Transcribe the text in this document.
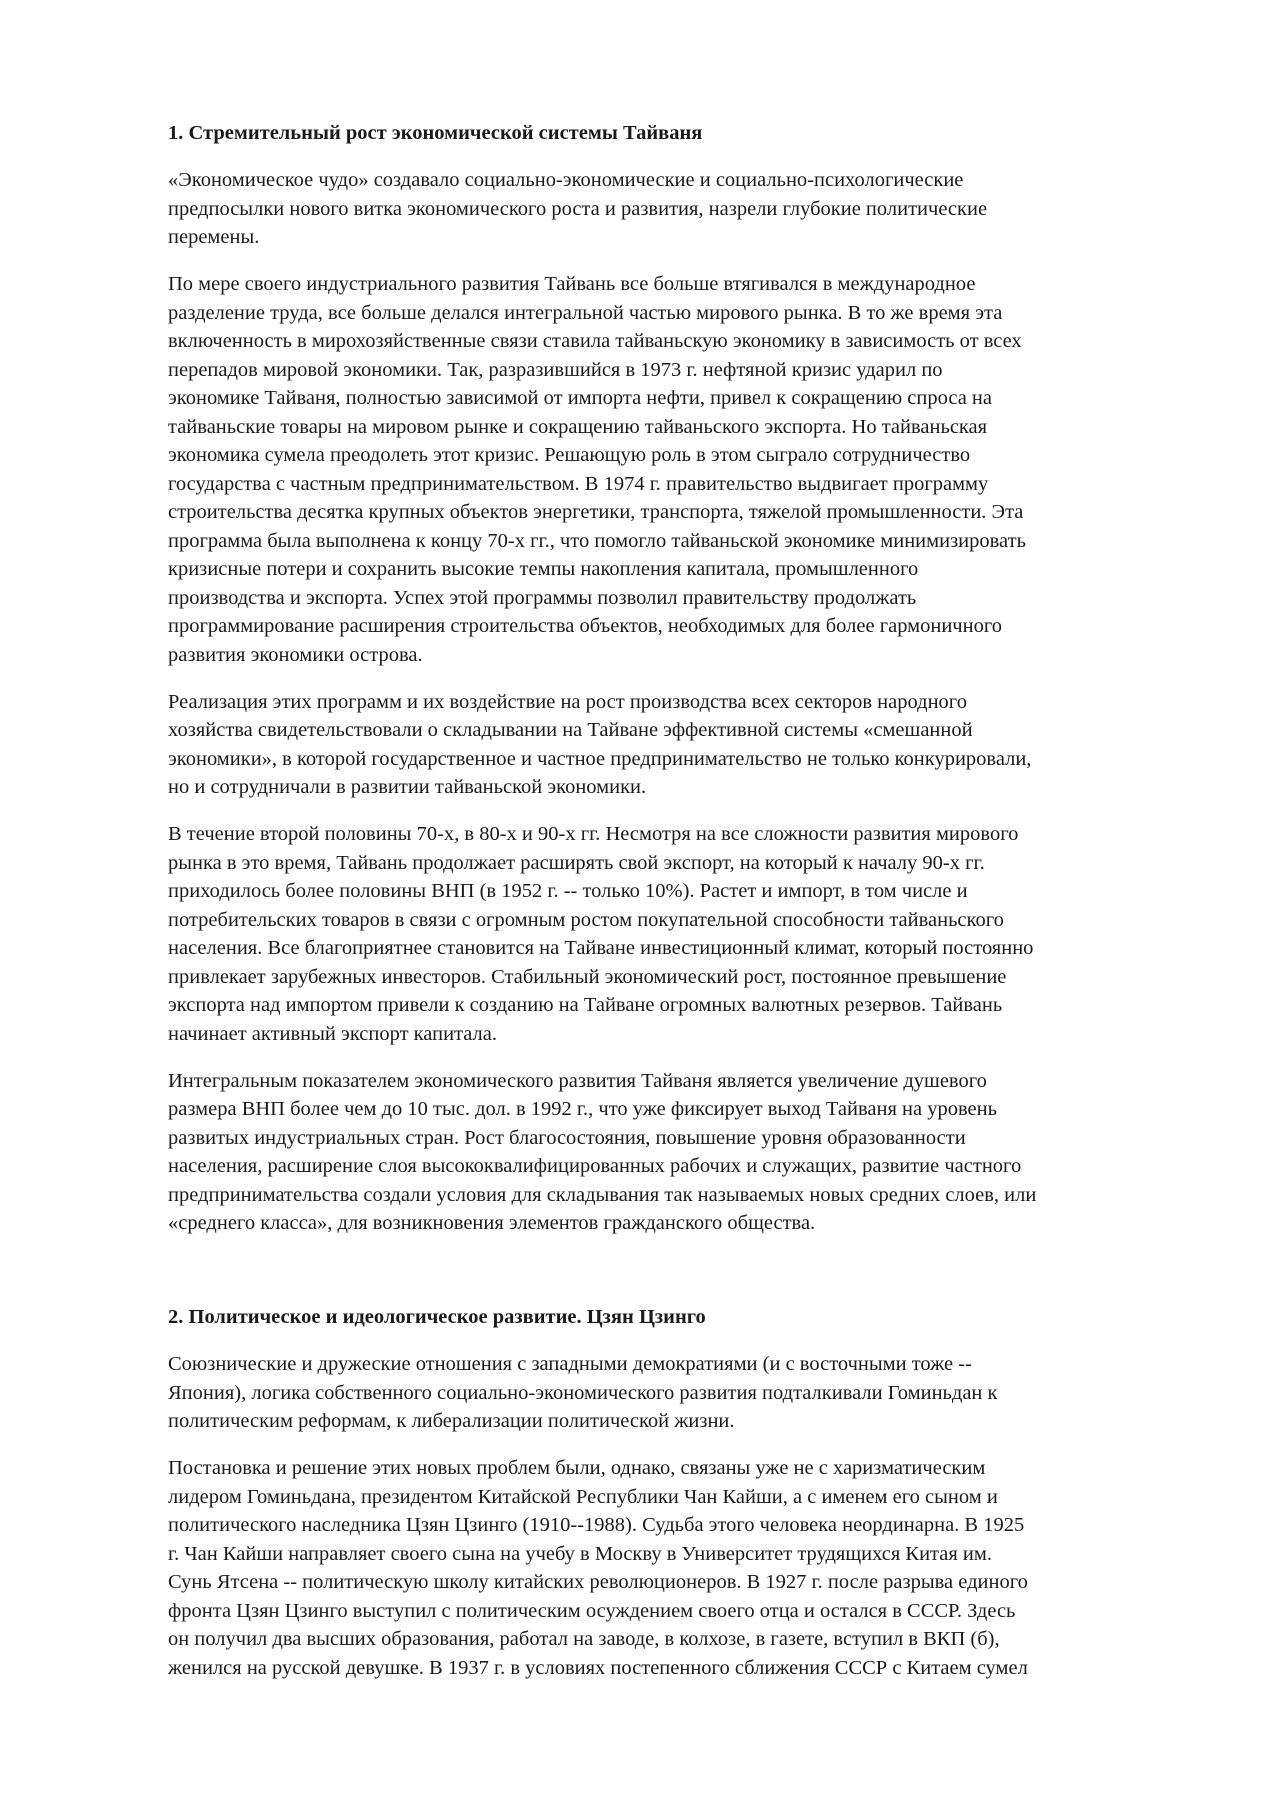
1. Стремительный рост экономической системы Тайваня

«Экономическое чудо» создавало социально-экономические и социально-психологические
предпосылки нового витка экономического роста и развития, назрели глубокие политические
перемены.

По мере своего индустриального развития Тайвань все больше втягивался в международное
разделение труда, все больше делался интегральной частью мирового рынка. В то же время эта
включенность в мирохозяйственные связи ставила тайваньскую экономику в зависимость от всех
перепадов мировой экономики. Так, разразившийся в 1973 г. нефтяной кризис ударил по
экономике Тайваня, полностью зависимой от импорта нефти, привел к сокращению спроса на
тайваньские товары на мировом рынке и сокращению тайваньского экспорта. Но тайваньская
экономика сумела преодолеть этот кризис. Решающую роль в этом сыграло сотрудничество
государства с частным предпринимательством. В 1974 г. правительство выдвигает программу
строительства десятка крупных объектов энергетики, транспорта, тяжелой промышленности. Эта
программа была выполнена к концу 70-х гг., что помогло тайваньской экономике минимизировать
кризисные потери и сохранить высокие темпы накопления капитала, промышленного
производства и экспорта. Успех этой программы позволил правительству продолжать
программирование расширения строительства объектов, необходимых для более гармоничного
развития экономики острова.

Реализация этих программ и их воздействие на рост производства всех секторов народного
хозяйства свидетельствовали о складывании на Тайване эффективной системы «смешанной
экономики», в которой государственное и частное предпринимательство не только конкурировали,
но и сотрудничали в развитии тайваньской экономики.

В течение второй половины 70-х, в 80-х и 90-х гг. Несмотря на все сложности развития мирового
рынка в это время, Тайвань продолжает расширять свой экспорт, на который к началу 90-х гг.
приходилось более половины ВНП (в 1952 г. -- только 10%). Растет и импорт, в том числе и
потребительских товаров в связи с огромным ростом покупательной способности тайваньского
населения. Все благоприятнее становится на Тайване инвестиционный климат, который постоянно
привлекает зарубежных инвесторов. Стабильный экономический рост, постоянное превышение
экспорта над импортом привели к созданию на Тайване огромных валютных резервов. Тайвань
начинает активный экспорт капитала.

Интегральным показателем экономического развития Тайваня является увеличение душевого
размера ВНП более чем до 10 тыс. дол. в 1992 г., что уже фиксирует выход Тайваня на уровень
развитых индустриальных стран. Рост благосостояния, повышение уровня образованности
населения, расширение слоя высококвалифицированных рабочих и служащих, развитие частного
предпринимательства создали условия для складывания так называемых новых средних слоев, или
«среднего класса», для возникновения элементов гражданского общества.

2. Политическое и идеологическое развитие. Цзян Цзинго

Союзнические и дружеские отношения с западными демократиями (и с восточными тоже --
Япония), логика собственного социально-экономического развития подталкивали Гоминьдан к
политическим реформам, к либерализации политической жизни.

Постановка и решение этих новых проблем были, однако, связаны уже не с харизматическим
лидером Гоминьдана, президентом Китайской Республики Чан Кайши, а с именем его сыном и
политического наследника Цзян Цзинго (1910--1988). Судьба этого человека неординарна. В 1925
г. Чан Кайши направляет своего сына на учебу в Москву в Университет трудящихся Китая им.
Сунь Ятсена -- политическую школу китайских революционеров. В 1927 г. после разрыва единого
фронта Цзян Цзинго выступил с политическим осуждением своего отца и остался в СССР. Здесь
он получил два высших образования, работал на заводе, в колхозе, в газете, вступил в ВКП (б),
женился на русской девушке. В 1937 г. в условиях постепенного сближения СССР с Китаем сумел
